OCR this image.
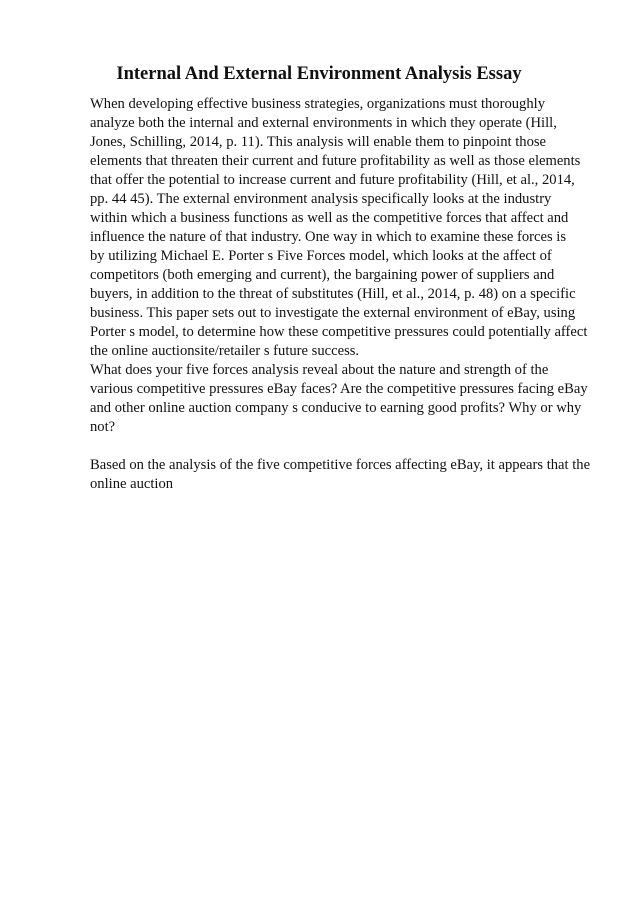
Internal And External Environment Analysis Essay
When developing effective business strategies, organizations must thoroughly
analyze both the internal and external environments in which they operate (Hill,
Jones, Schilling, 2014, p. 11). This analysis will enable them to pinpoint those
elements that threaten their current and future profitability as well as those elements
that offer the potential to increase current and future profitability (Hill, et al., 2014,
pp. 44 45). The external environment analysis specifically looks at the industry
within which a business functions as well as the competitive forces that affect and
influence the nature of that industry. One way in which to examine these forces is
by utilizing Michael E. Porter s Five Forces model, which looks at the affect of
competitors (both emerging and current), the bargaining power of suppliers and
buyers, in addition to the threat of substitutes (Hill, et al., 2014, p. 48) on a specific
business. This paper sets out to investigate the external environment of eBay, using
Porter s model, to determine how these competitive pressures could potentially affect
the online auctionsite/retailer s future success.
What does your five forces analysis reveal about the nature and strength of the
various competitive pressures eBay faces? Are the competitive pressures facing eBay
and other online auction company s conducive to earning good profits? Why or why
not?
Based on the analysis of the five competitive forces affecting eBay, it appears that the
online auction
